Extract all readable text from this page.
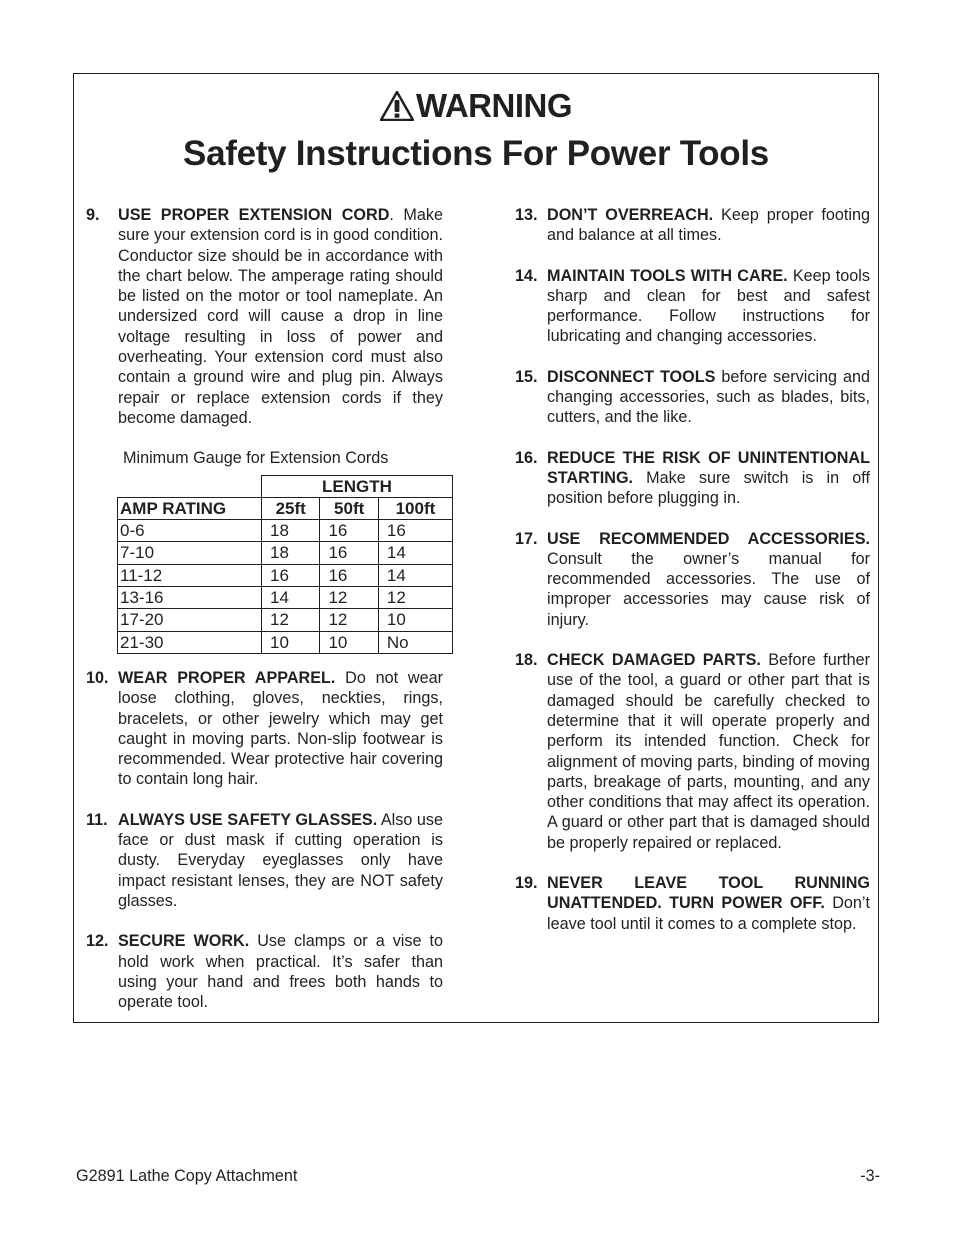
WARNING
Safety Instructions For Power Tools
9. USE PROPER EXTENSION CORD. Make sure your extension cord is in good condition. Conductor size should be in accordance with the chart below. The amperage rating should be listed on the motor or tool nameplate. An undersized cord will cause a drop in line voltage resulting in loss of power and overheating. Your extension cord must also contain a ground wire and plug pin. Always repair or replace extension cords if they become damaged.
Minimum Gauge for Extension Cords
	LENGTH		
AMP RATING	25ft	50ft	100ft
0-6	18	16	16
7-10	18	16	14
11-12	16	16	14
13-16	14	12	12
17-20	12	12	10
21-30	10	10	No
10. WEAR PROPER APPAREL. Do not wear loose clothing, gloves, neckties, rings, bracelets, or other jewelry which may get caught in moving parts. Non-slip footwear is recommended. Wear protective hair covering to contain long hair.
11. ALWAYS USE SAFETY GLASSES. Also use face or dust mask if cutting operation is dusty. Everyday eyeglasses only have impact resistant lenses, they are NOT safety glasses.
12. SECURE WORK. Use clamps or a vise to hold work when practical. It’s safer than using your hand and frees both hands to operate tool.
13. DON’T OVERREACH. Keep proper footing and balance at all times.
14. MAINTAIN TOOLS WITH CARE. Keep tools sharp and clean for best and safest performance. Follow instructions for lubricating and changing accessories.
15. DISCONNECT TOOLS before servicing and changing accessories, such as blades, bits, cutters, and the like.
16. REDUCE THE RISK OF UNINTENTIONAL STARTING. Make sure switch is in off position before plugging in.
17. USE RECOMMENDED ACCESSORIES. Consult the owner’s manual for recommended accessories. The use of improper accessories may cause risk of injury.
18. CHECK DAMAGED PARTS. Before further use of the tool, a guard or other part that is damaged should be carefully checked to determine that it will operate properly and perform its intended function. Check for alignment of moving parts, binding of moving parts, breakage of parts, mounting, and any other conditions that may affect its operation. A guard or other part that is damaged should be properly repaired or replaced.
19. NEVER LEAVE TOOL RUNNING UNATTENDED. TURN POWER OFF. Don’t leave tool until it comes to a complete stop.
G2891 Lathe Copy Attachment	-3-
